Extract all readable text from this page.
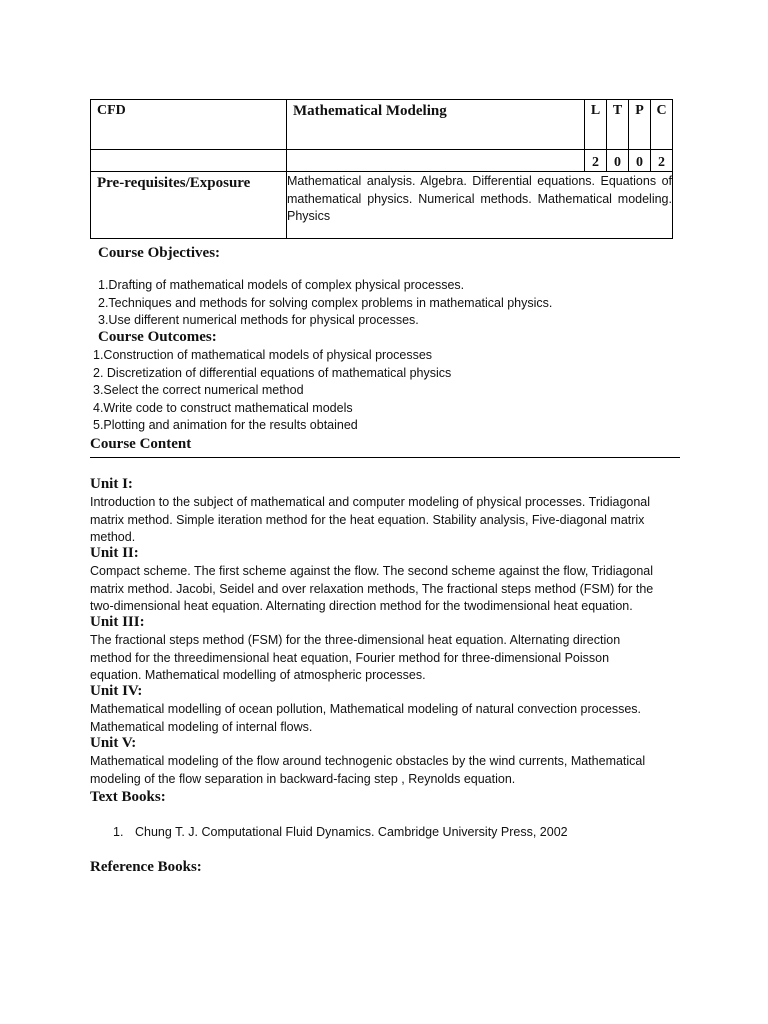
CFD	Mathematical Modeling	L	T	P	C
		2	0	0	2
Pre-requisites/Exposure	Mathematical analysis. Algebra. Differential equations. Equations of mathematical physics. Numerical methods. Mathematical modeling. Physics				
Course Objectives:
1.Drafting of mathematical models of complex physical processes.
2.Techniques and methods for solving complex problems in mathematical physics.
3.Use different numerical methods for physical processes.
Course Outcomes:
1.Construction of mathematical models of physical processes
2. Discretization of differential equations of mathematical physics
3.Select the correct numerical method
4.Write code to construct mathematical models
5.Plotting and animation for the results obtained
Course Content
Unit I:
Introduction to the subject of mathematical and computer modeling of physical processes. Tridiagonal
matrix method. Simple iteration method for the heat equation. Stability analysis, Five-diagonal matrix
method.
Unit II:
Compact scheme. The first scheme against the flow. The second scheme against the flow, Tridiagonal
matrix method. Jacobi, Seidel and over relaxation methods, The fractional steps method (FSM) for the
two-dimensional heat equation. Alternating direction method for the twodimensional heat equation.
Unit III:
The fractional steps method (FSM) for the three-dimensional heat equation. Alternating direction
method for the threedimensional heat equation, Fourier method for three-dimensional Poisson
equation. Mathematical modelling of atmospheric processes.
Unit IV:
Mathematical modelling of ocean pollution, Mathematical modeling of natural convection processes.
Mathematical modeling of internal flows.
Unit V:
Mathematical modeling of the flow around technogenic obstacles by the wind currents, Mathematical
modeling of the flow separation in backward-facing step , Reynolds equation.
Text Books:
1. Chung T. J. Computational Fluid Dynamics. Cambridge University Press, 2002
Reference Books:
